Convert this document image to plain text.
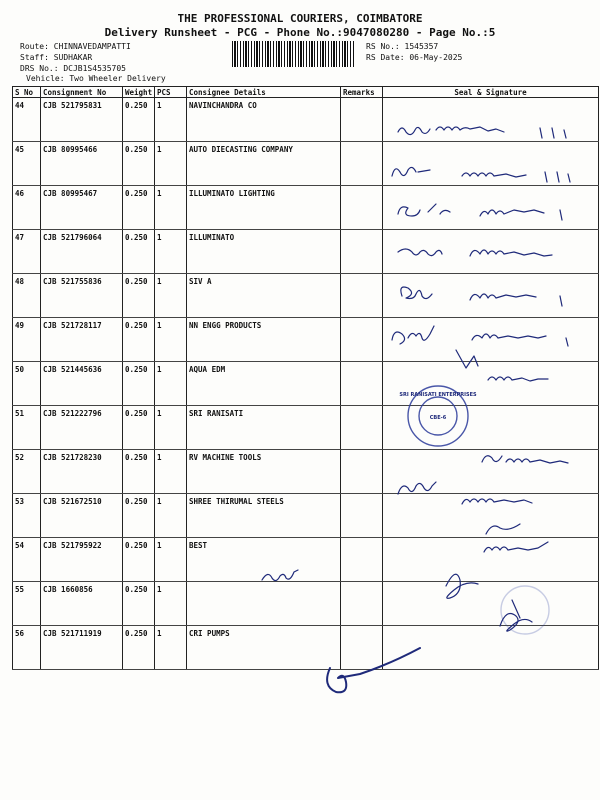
THE PROFESSIONAL COURIERS, COIMBATORE
Delivery Runsheet - PCG - Phone No.:9047080280 - Page No.:5
Route: CHINNAVEDAMPATTI
Staff: SUDHAKAR
DRS No.: DCJB1S4535705
Vehicle: Two Wheeler Delivery
RS No.: 1545357
RS Date: 06-May-2025
S No	Consignment No	Weight	PCS	Consignee Details	Remarks	Seal & Signature
44	CJB 521795831	0.250	1	NAVINCHANDRA CO		
45	CJB 80995466	0.250	1	AUTO DIECASTING COMPANY		
46	CJB 80995467	0.250	1	ILLUMINATO LIGHTING		
47	CJB 521796064	0.250	1	ILLUMINATO		
48	CJB 521755836	0.250	1	SIV A		
49	CJB 521728117	0.250	1	NN ENGG PRODUCTS		
50	CJB 521445636	0.250	1	AQUA EDM		
51	CJB 521222796	0.250	1	SRI RANISATI		
52	CJB 521728230	0.250	1	RV MACHINE TOOLS		
53	CJB 521672510	0.250	1	SHREE THIRUMAL STEELS		
54	CJB 521795922	0.250	1	BEST		
55	CJB 1660856	0.250	1			
56	CJB 521711919	0.250	1	CRI PUMPS		
SRI RANISATI ENTERPRISES
CBE-6
